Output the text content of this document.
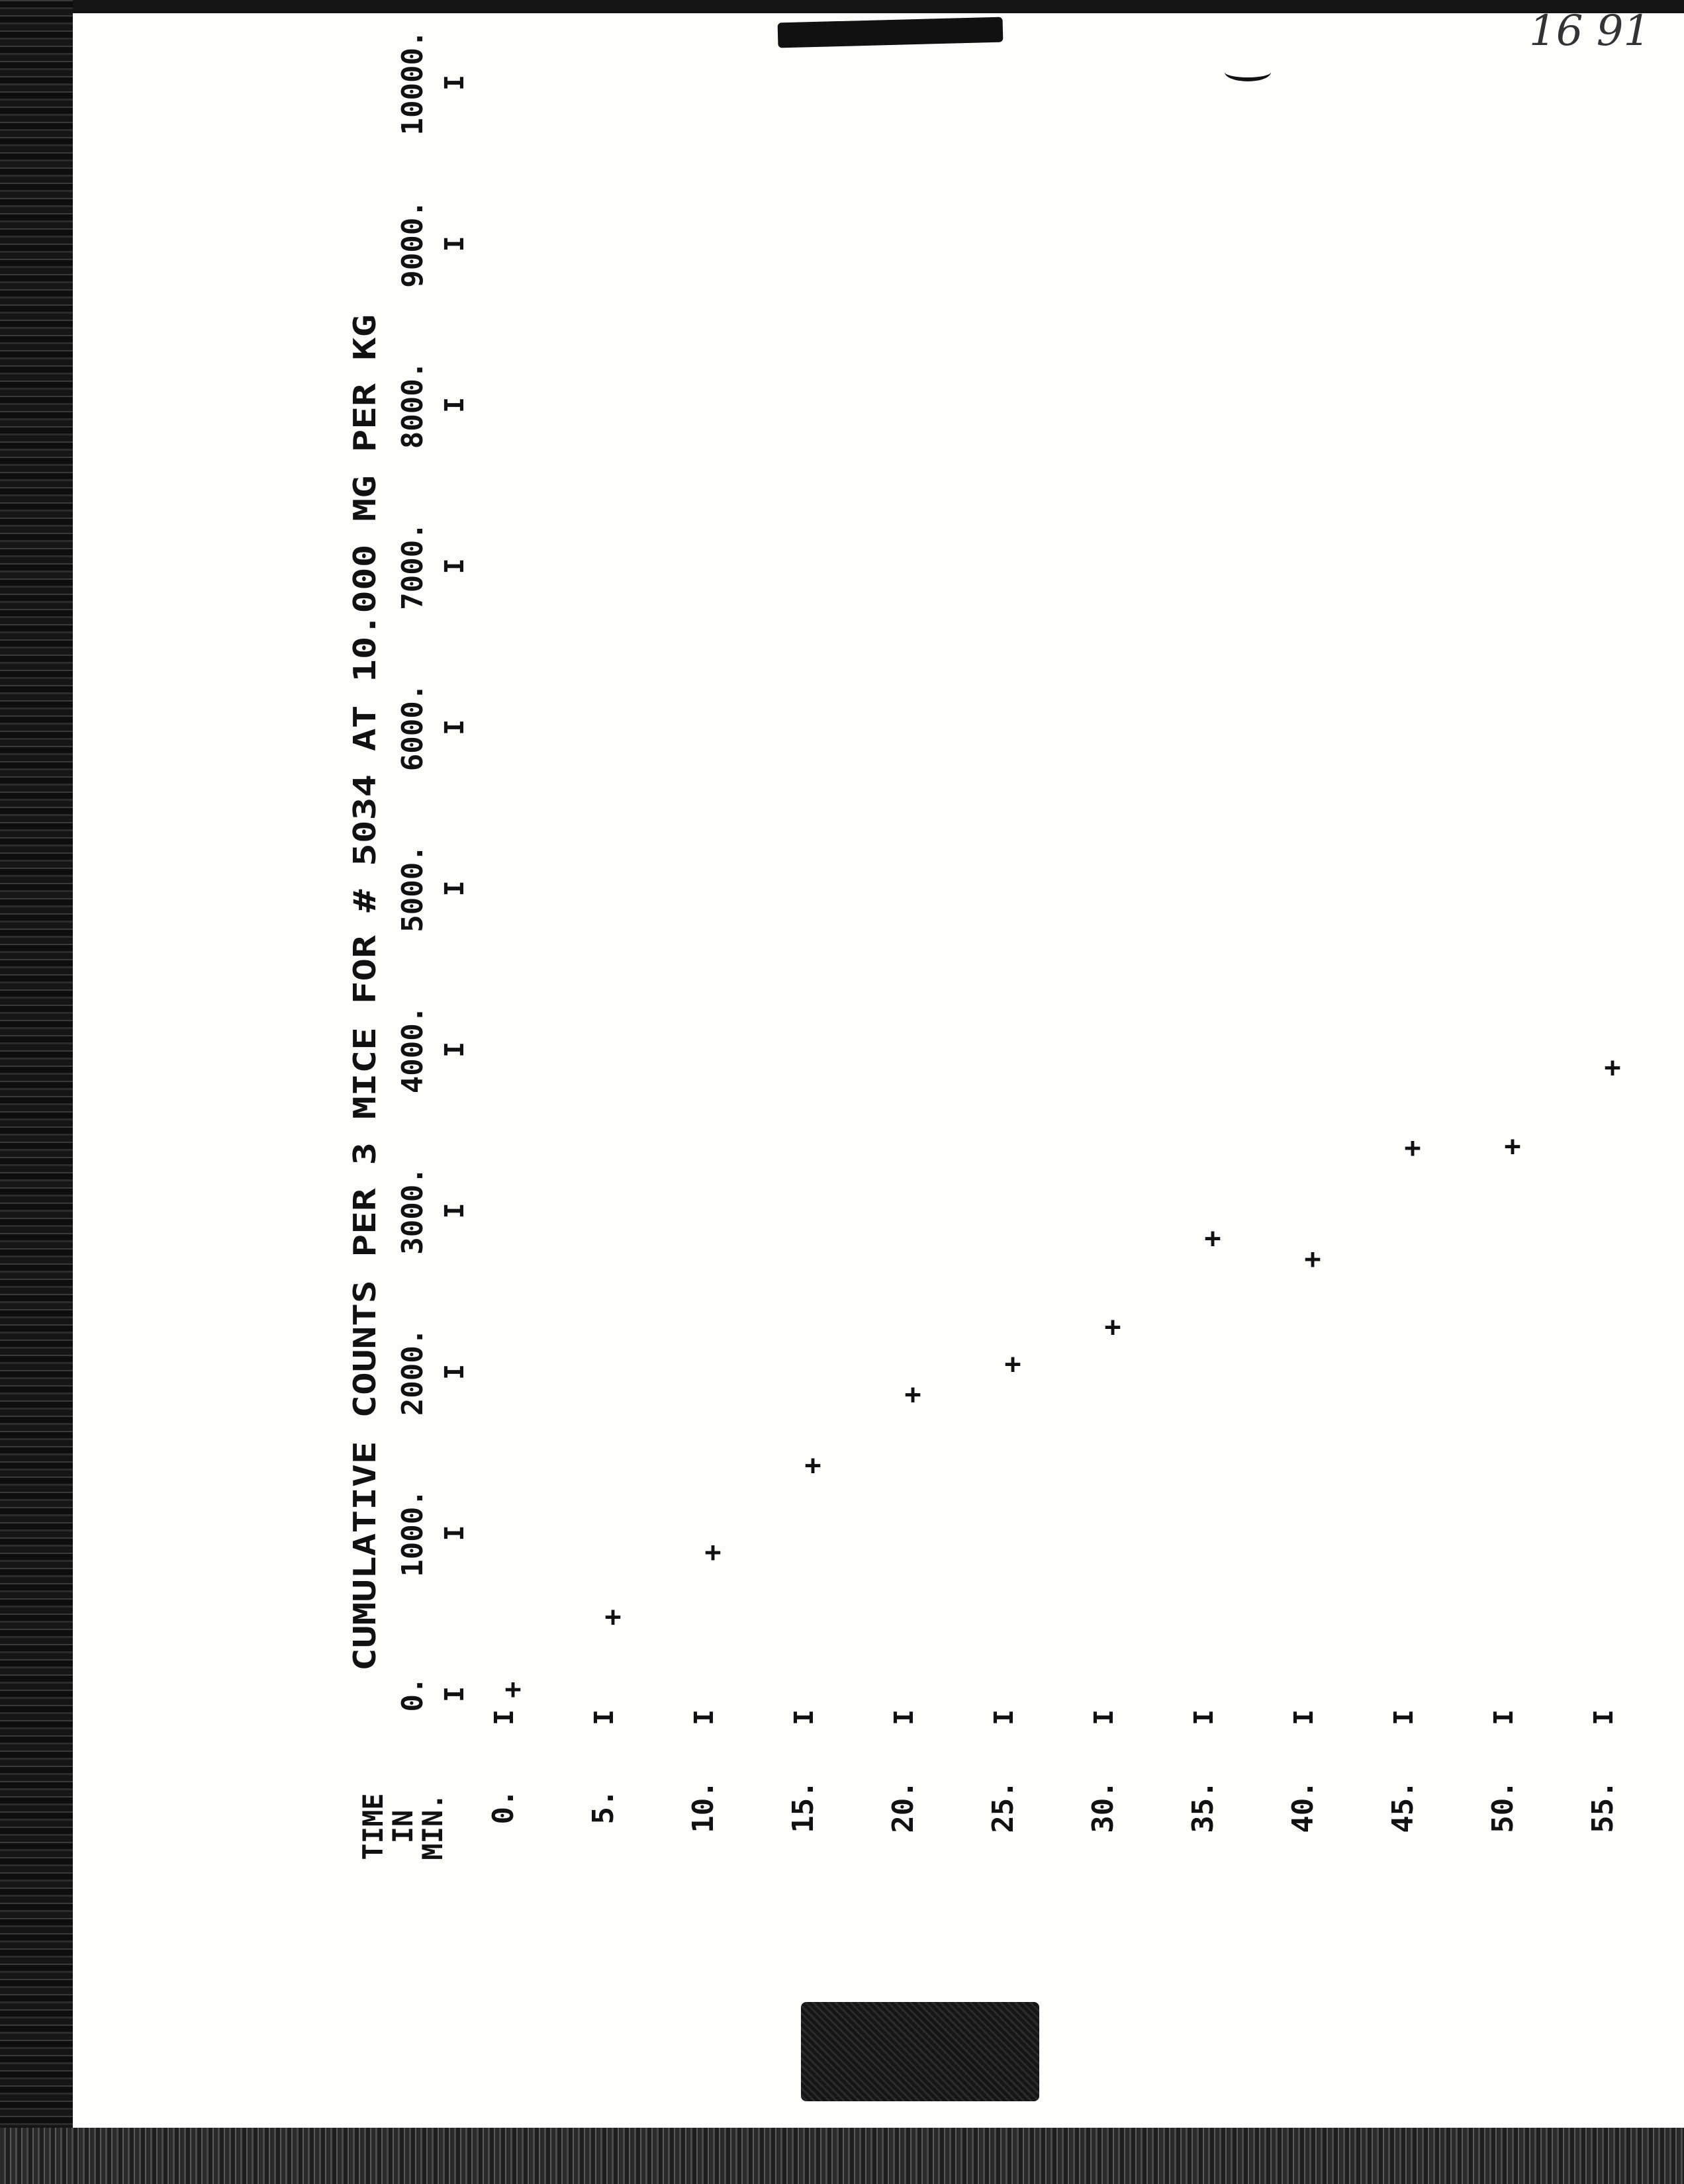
16 91
CUMULATIVE COUNTS PER 3 MICE FOR # 5034 AT 10.000 MG PER KG
0. I
1000. I
2000. I
3000. I
4000. I
5000. I
6000. I
7000. I
8000. I
9000. I
10000. I
TIME
IN
MIN. 0.
I
5.
I
10.
I
15.
I
20.
I
25.
I
30.
I
35.
I
40.
I
45.
I
50.
I
55.
I
+
+
+
+
+
+
+
+
+
+	+
+
